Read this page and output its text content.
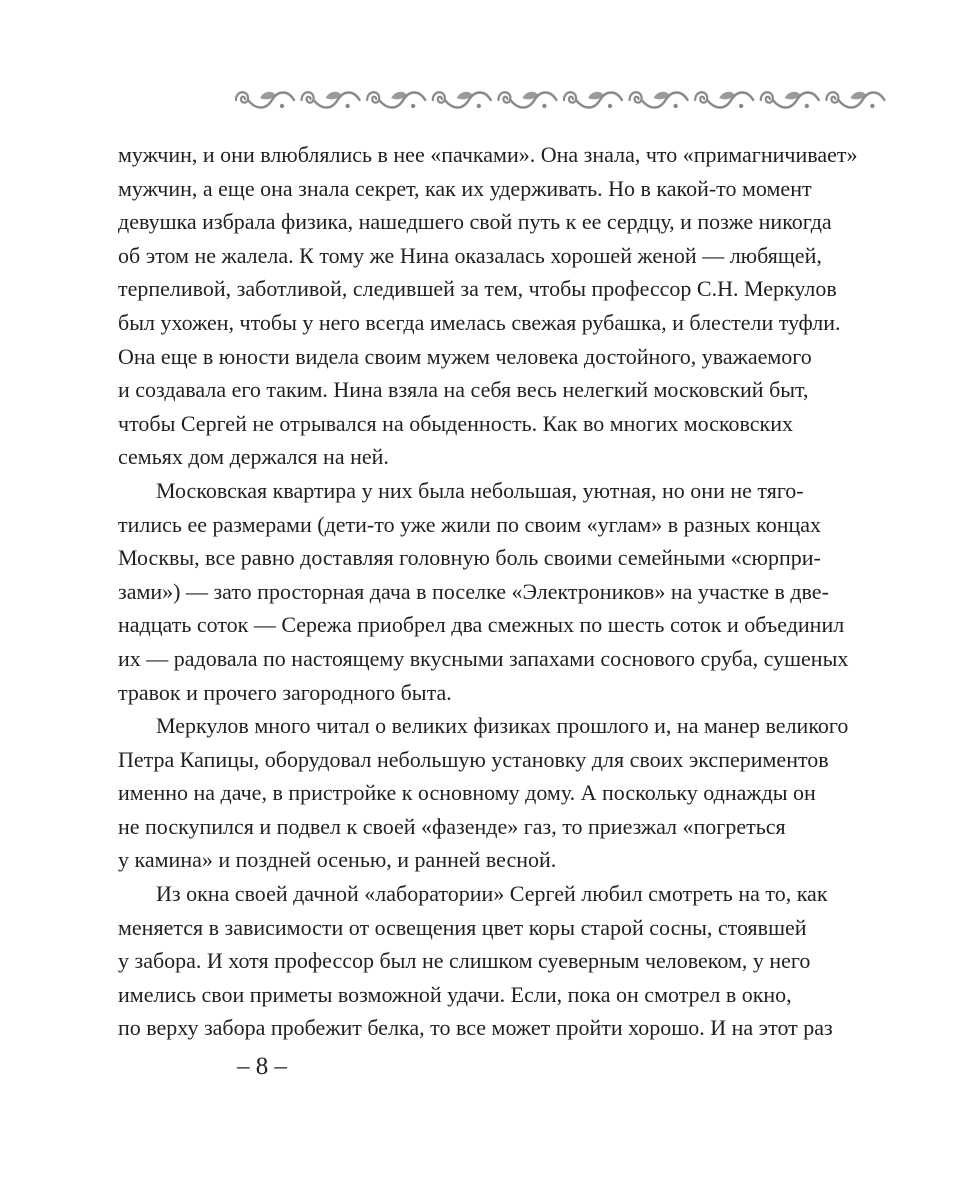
мужчин, и они влюблялись в нее «пачками». Она знала, что «примагничивает»
мужчин, а еще она знала секрет, как их удерживать. Но в какой-то момент
девушка избрала физика, нашедшего свой путь к ее сердцу, и позже никогда
об этом не жалела. К тому же Нина оказалась хорошей женой — любящей,
терпеливой, заботливой, следившей за тем, чтобы профессор С.Н. Меркулов
был ухожен, чтобы у него всегда имелась свежая рубашка, и блестели туфли.
Она еще в юности видела своим мужем человека достойного, уважаемого
и создавала его таким. Нина взяла на себя весь нелегкий московский быт,
чтобы Сергей не отрывался на обыденность. Как во многих московских
семьях дом держался на ней.
Московская квартира у них была небольшая, уютная, но они не тяго-
тились ее размерами (дети-то уже жили по своим «углам» в разных концах
Москвы, все равно доставляя головную боль своими семейными «сюрпри-
зами») — зато просторная дача в поселке «Электроников» на участке в две-
надцать соток — Сережа приобрел два смежных по шесть соток и объединил
их — радовала по настоящему вкусными запахами соснового сруба, сушеных
травок и прочего загородного быта.
Меркулов много читал о великих физиках прошлого и, на манер великого
Петра Капицы, оборудовал небольшую установку для своих экспериментов
именно на даче, в пристройке к основному дому. А поскольку однажды он
не поскупился и подвел к своей «фазенде» газ, то приезжал «погреться
у камина» и поздней осенью, и ранней весной.
Из окна своей дачной «лаборатории» Сергей любил смотреть на то, как
меняется в зависимости от освещения цвет коры старой сосны, стоявшей
у забора. И хотя профессор был не слишком суеверным человеком, у него
имелись свои приметы возможной удачи. Если, пока он смотрел в окно,
по верху забора пробежит белка, то все может пройти хорошо. И на этот раз
– 8 –
